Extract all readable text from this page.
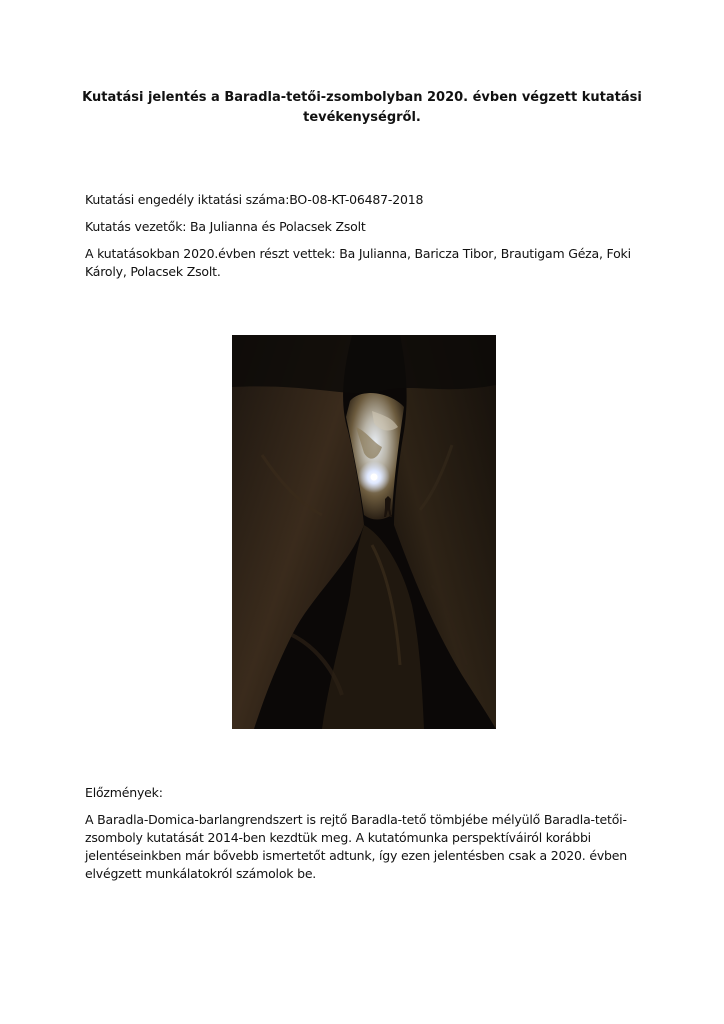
Kutatási jelentés a Baradla-tetői-zsombolyban 2020. évben végzett kutatási tevékenységről.
Kutatási engedély iktatási száma:BO-08-KT-06487-2018
Kutatás vezetők: Ba Julianna és Polacsek Zsolt
A kutatásokban 2020.évben részt vettek: Ba Julianna, Baricza Tibor, Brautigam Géza, Foki Károly, Polacsek Zsolt.
Előzmények:
A Baradla-Domica-barlangrendszert is rejtő Baradla-tető tömbjébe mélyülő Baradla-tetői-zsomboly kutatását 2014-ben kezdtük meg. A kutatómunka perspektíváiról korábbi jelentéseinkben már bővebb ismertetőt adtunk, így ezen jelentésben csak a 2020. évben elvégzett munkálatokról számolok be.
